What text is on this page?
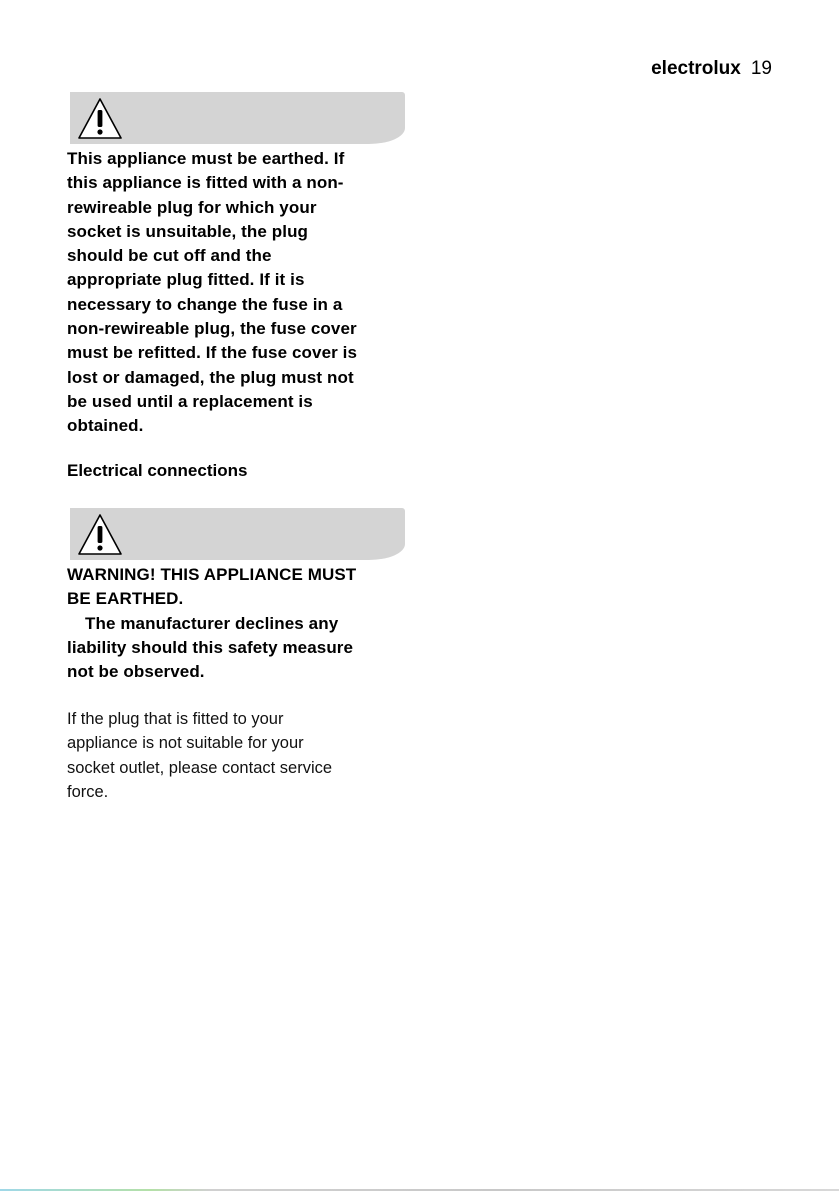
electrolux 19

This appliance must be earthed. If
this appliance is fitted with a non-
rewireable plug for which your
socket is unsuitable, the plug
should be cut off and the
appropriate plug fitted. If it is
necessary to change the fuse in a
non-rewireable plug, the fuse cover
must be refitted. If the fuse cover is
lost or damaged, the plug must not
be used until a replacement is
obtained.

Electrical connections

WARNING! THIS APPLIANCE MUST
BE EARTHED.
The manufacturer declines any
liability should this safety measure
not be observed.

If the plug that is fitted to your
appliance is not suitable for your
socket outlet, please contact service
force.
